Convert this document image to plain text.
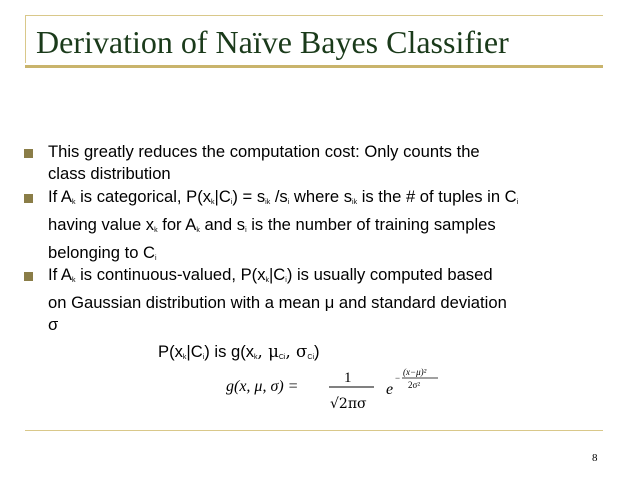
Derivation of Naïve Bayes Classifier
This greatly reduces the computation cost: Only counts the
class distribution
If $A_k$ is categorical, $P(x_k|C_i) = s_{ik}$ $/s_i$ where $s_{ik}$ is the # of tuples in $C_i$
having value $x_k$ for $A_k$ and $s_i$ is the number of training samples
belonging to $C_i$
If $A_k$ is continuous-valued, $P(x_k|C_i)$ is usually computed based
on Gaussian distribution with a mean μ and standard deviation
σ
$P(x_k|C_i)$ is $g(x_k$, $\mu_{Ci}$, $\sigma_{Ci}$)
g(x, μ, σ) =	1
√2πσ
e
−
(x−μ)²
2σ²
8
